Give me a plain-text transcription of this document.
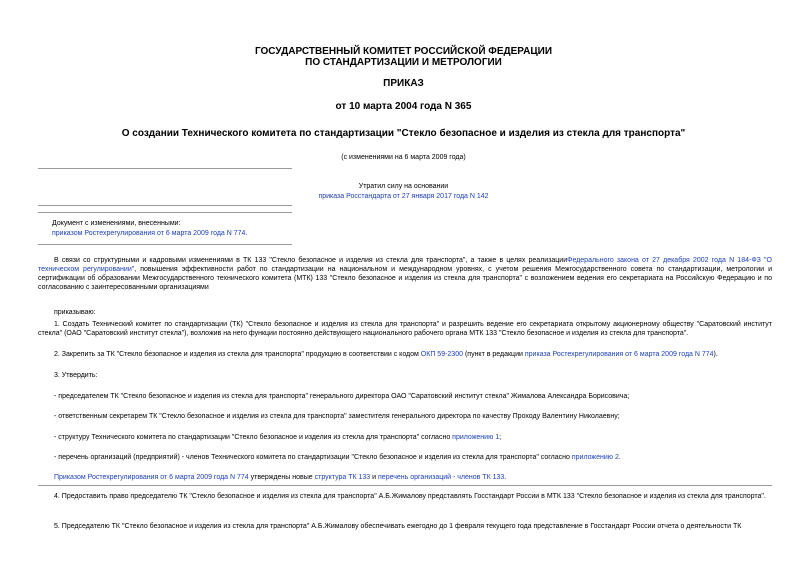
ГОСУДАРСТВЕННЫЙ КОМИТЕТ РОССИЙСКОЙ ФЕДЕРАЦИИ
ПО СТАНДАРТИЗАЦИИ И МЕТРОЛОГИИ
ПРИКАЗ
от 10 марта 2004 года N 365
О создании Технического комитета по стандартизации "Стекло безопасное и изделия из стекла для транспорта"
(с изменениями на 6 марта 2009 года)
Утратил силу на основании
приказа Росстандарта от 27 января 2017 года N 142
Документ с изменениями, внесенными:
приказом Ростехрегулирования от 6 марта 2009 года N 774.
В связи со структурными и кадровыми изменениями в ТК 133 "Стекло безопасное и изделия из стекла для транспорта", а также в целях реализацииФедерального закона от 27 декабря 2002 года N 184-ФЗ "О техническом регулировании", повышения эффективности работ по стандартизации на национальном и международном уровнях, с учетом решения Межгосударственного совета по стандартизации, метрологии и сертификации об образовании Межгосударственного технического комитета (МТК) 133 "Стекло безопасное и изделия из стекла для транспорта" с возложением ведения его секретариата на Российскую Федерацию и по согласованию с заинтересованными организациями
приказываю:
1. Создать Технический комитет по стандартизации (ТК) "Стекло безопасное и изделия из стекла для транспорта" и разрешить ведение его секретариата открытому акционерному обществу "Саратовский институт стекла" (ОАО "Саратовский институт стекла"), возложив на него функции постоянно действующего национального рабочего органа МТК 133 "Стекло безопасное и изделия из стекла для транспорта".
2. Закрепить за ТК "Стекло безопасное и изделия из стекла для транспорта" продукцию в соответствии с кодом ОКП 59-2300 (пункт в редакции приказа Ростехрегулирования от 6 марта 2009 года N 774).
3. Утвердить:
- председателем ТК "Стекло безопасное и изделия из стекла для транспорта" генерального директора ОАО "Саратовский институт стекла" Жималова Александра Борисовича;
- ответственным секретарем ТК "Стекло безопасное и изделия из стекла для транспорта" заместителя генерального директора по качеству Проходу Валентину Николаевну;
- структуру Технического комитета по стандартизации "Стекло безопасное и изделия из стекла для транспорта" согласно приложению 1;
- перечень организаций (предприятий) - членов Технического комитета по стандартизации "Стекло безопасное и изделия из стекла для транспорта" согласно приложению 2.
Приказом Ростехрегулирования от 6 марта 2009 года N 774 утверждены новые структура ТК 133 и перечень организаций - членов ТК 133.
4. Предоставить право председателю ТК "Стекло безопасное и изделия из стекла для транспорта" А.Б.Жималову представлять Госстандарт России в МТК 133 "Стекло безопасное и изделия из стекла для транспорта".
5. Председателю ТК "Стекло безопасное и изделия из стекла для транспорта" А.Б.Жималову обеспечивать ежегодно до 1 февраля текущего года представление в Госстандарт России отчета о деятельности ТК
